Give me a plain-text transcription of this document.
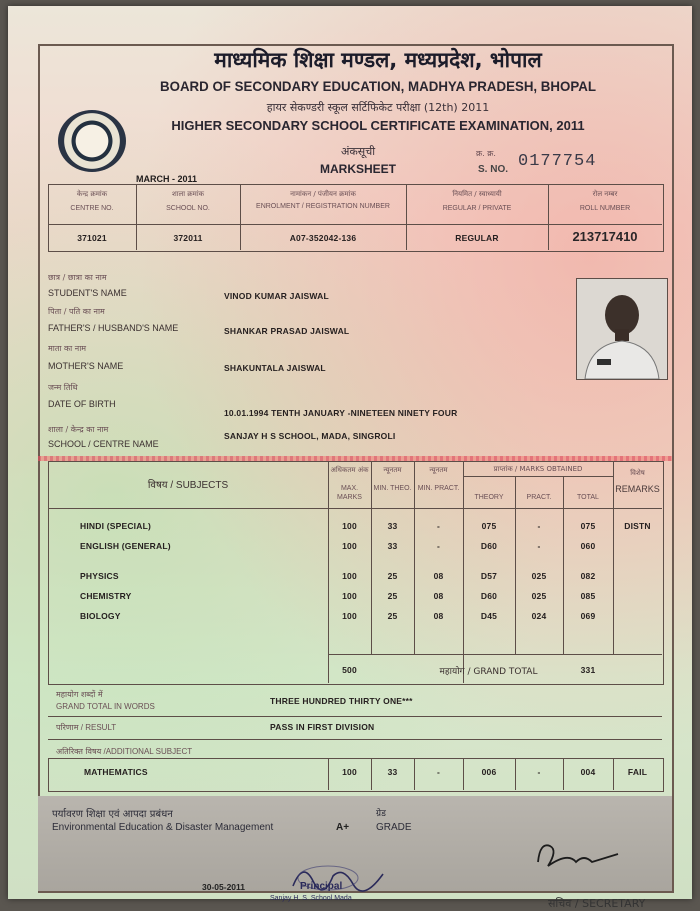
माध्यमिक शिक्षा मण्डल, मध्यप्रदेश, भोपाल
BOARD OF SECONDARY EDUCATION, MADHYA PRADESH, BHOPAL
हायर सेकण्डरी स्कूल सर्टिफिकेट परीक्षा (12th) 2011
HIGHER SECONDARY SCHOOL CERTIFICATE EXAMINATION, 2011
अंकसूची
MARKSHEET
MARCH - 2011
क्र. क्र.
S. NO. 0177754
केन्द्र क्रमांक
CENTRE NO.
शाला क्रमांक
SCHOOL NO.
नामांकन / पंजीयन क्रमांक
ENROLMENT / REGISTRATION NUMBER
नियमित / स्वाध्यायी
REGULAR / PRIVATE
रोल नम्बर
ROLL NUMBER
371021	372011	A07-352042-136	REGULAR	213717410
छात्र / छात्रा का नाम
STUDENT'S NAME	VINOD KUMAR JAISWAL
पिता / पति का नाम
FATHER'S / HUSBAND'S NAME	SHANKAR PRASAD JAISWAL
माता का नाम
MOTHER'S NAME	SHAKUNTALA JAISWAL
जन्म तिथि
DATE OF BIRTH
10.01.1994 TENTH JANUARY -NINETEEN NINETY FOUR
शाला / केन्द्र का नाम
SCHOOL / CENTRE NAME
SANJAY H S SCHOOL, MADA, SINGROLI
विषय / SUBJECTS
अधिकतम अंक
MAX. MARKS
न्यूनतम
MIN. THEO.
न्यूनतम
MIN. PRACT.
प्राप्तांक / MARKS OBTAINED
THEORY	PRACT.	TOTAL
विशेष
REMARKS
HINDI (SPECIAL)	100	33	-	075	-	075	DISTN
ENGLISH (GENERAL)	100	33	-	D60	-	060
PHYSICS	100	25	08	D57	025	082
CHEMISTRY	100	25	08	D60	025	085
BIOLOGY	100	25	08	D45	024	069
500	महायोग / GRAND TOTAL	331
महायोग शब्दों में
GRAND TOTAL IN WORDS
THREE HUNDRED THIRTY ONE***
परिणाम / RESULT	PASS IN FIRST DIVISION
अतिरिक्त विषय /ADDITIONAL SUBJECT
MATHEMATICS	100	33	-	006	-	004	FAIL
पर्यावरण शिक्षा एवं आपदा प्रबंधन
Environmental Education & Disaster Management	A+
ग्रेड
GRADE
30-05-2011	Principal
Sanjay H. S. School Mada	सचिव / SECRETARY
